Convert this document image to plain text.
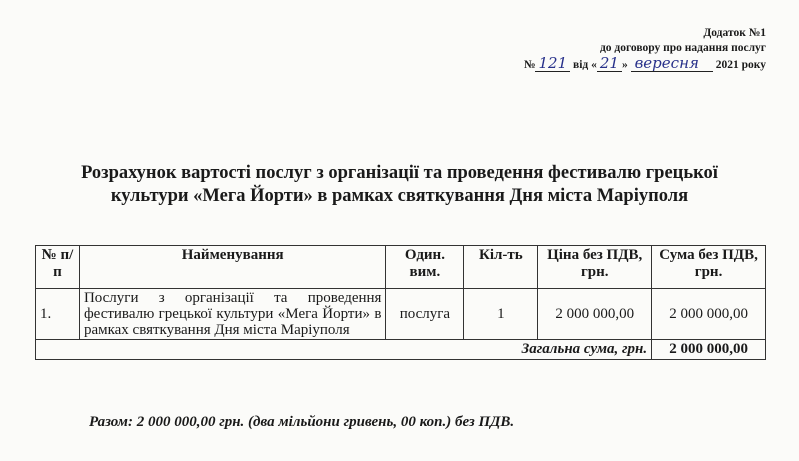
Додаток №1
до договору про надання послуг
№ 121 від « 21 » вересня 2021 року
Розрахунок вартості послуг з організації та проведення фестивалю грецької
культури «Мега Йорти» в рамках святкування Дня міста Маріуполя
№ п/п	Найменування	Один. вим.	Кіл-ть	Ціна без ПДВ, грн.	Сума без ПДВ, грн.
1.	Послуги з організації та проведення фестивалю грецької культури «Мега Йорти» в рамках святкування Дня міста Маріуполя	послуга	1	2 000 000,00	2 000 000,00
Загальна сума, грн.					2 000 000,00
Разом: 2 000 000,00 грн. (два мільйони гривень, 00 коп.) без ПДВ.
